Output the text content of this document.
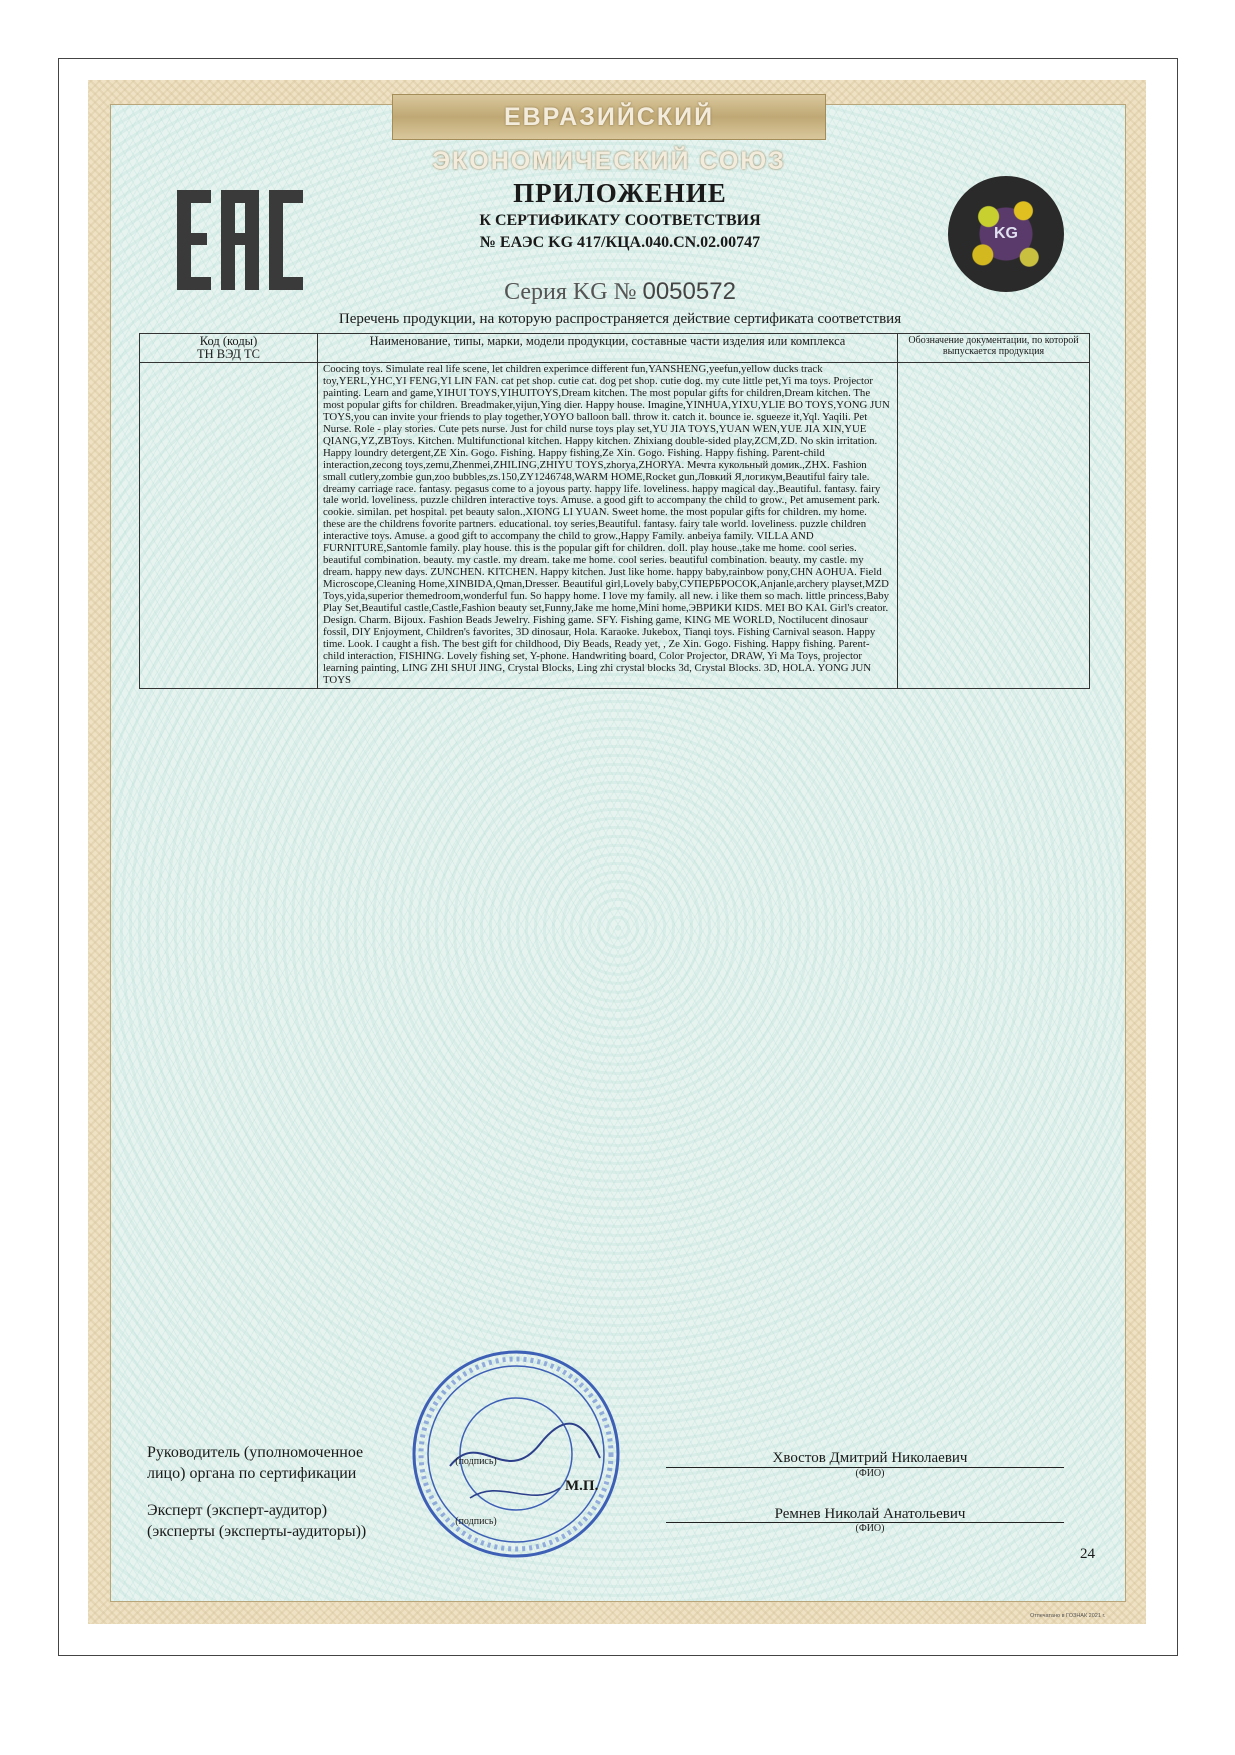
ЕВРАЗИЙСКИЙ ЭКОНОМИЧЕСКИЙ СОЮЗ
KG
ПРИЛОЖЕНИЕ
К СЕРТИФИКАТУ СООТВЕТСТВИЯ
№ ЕАЭС KG 417/КЦА.040.CN.02.00747
Серия KG № 0050572
Перечень продукции, на которую распространяется действие сертификата соответствия
Код (коды)
ТН ВЭД ТС	Наименование, типы, марки, модели продукции, составные части изделия или комплекса	Обозначение документации, по которой выпускается продукция
	Coocing toys. Simulate real life scene, let children experimce different fun,YANSHENG,yeefun,yellow ducks track toy,YERL,YHC,YI FENG,YI LIN FAN. cat pet shop. cutie cat. dog pet shop. cutie dog. my cute little pet,Yi ma toys. Projector painting. Learn and game,YIHUI TOYS,YIHUITOYS,Dream kitchen. The most popular gifts for children,Dream kitchen. The most popular gifts for children. Breadmaker,yijun,Ying dier. Happy house. Imagine,YINHUA,YIXU,YLIE BO TOYS,YONG JUN TOYS,you can invite your friends to play together,YOYO balloon ball. throw it. catch it. bounce ie. sgueeze it,Yql. Yaqili. Pet Nurse. Role - play stories. Cute pets nurse. Just for child nurse toys play set,YU JIA TOYS,YUAN WEN,YUE JIA XIN,YUE QIANG,YZ,ZBToys. Kitchen. Multifunctional kitchen. Happy kitchen. Zhixiang double-sided play,ZCM,ZD. No skin irritation. Happy loundry detergent,ZE Xin. Gogo. Fishing. Happy fishing,Ze Xin. Gogo. Fishing. Happy fishing. Parent-child interaction,zecong toys,zemu,Zhenmei,ZHILING,ZHIYU TOYS,zhorya,ZHORYA. Мечта кукольный домик.,ZHX. Fashion small cutlery,zombie gun,zoo bubbles,zs.150,ZY1246748,WARM HOME,Rocket gun,Ловкий Я,логикум,Beautiful fairy tale. dreamy carriage race. fantasy. pegasus come to a joyous party. happy life. loveliness. happy magical day.,Beautiful. fantasy. fairy tale world. loveliness. puzzle children interactive toys. Amuse. a good gift to accompany the child to grow., Pet amusement park. cookie. similan. pet hospital. pet beauty salon.,XIONG LI YUAN. Sweet home. the most popular gifts for children. my home. these are the childrens fovorite partners. educational. toy series,Beautiful. fantasy. fairy tale world. loveliness. puzzle children interactive toys. Amuse. a good gift to accompany the child to grow.,Happy Family. anbeiya family. VILLA AND FURNITURE,Santomle family. play house. this is the popular gift for children. doll. play house.,take me home. cool series. beautiful combination. beauty. my castle. my dream. take me home. cool series. beautiful combination. beauty. my castle. my dream. happy new days. ZUNCHEN. KITCHEN. Happy kitchen. Just like home. happy baby,rainbow pony,CHN AOHUA. Field Microscope,Cleaning Home,XINBIDA,Qman,Dresser. Beautiful girl,Lovely baby,СУПЕРБРОСОК,Anjanle,archery playset,MZD Toys,yida,superior themedroom,wonderful fun. So happy home. I love my family. all new. i like them so mach. little princess,Baby Play Set,Beautiful castle,Castle,Fashion beauty set,Funny,Jake me home,Mini home,ЭВРИКИ KIDS. MEI BO KAI. Girl's creator. Design. Charm. Bijoux. Fashion Beads Jewelry. Fishing game. SFY. Fishing game, KING ME WORLD, Noctilucent dinosaur fossil, DIY Enjoyment, Children's favorites, 3D dinosaur, Hola. Karaoke. Jukebox, Tianqi toys. Fishing Carnival season. Happy time. Look. I caught a fish. The best gift for childhood, Diy Beads, Ready yet, , Ze Xin. Gogo. Fishing. Happy fishing. Parent-child interaction, FISHING. Lovely fishing set, Y-phone. Handwriting board, Color Projector, DRAW, Yi Ma Toys, projector learning painting, LING ZHI SHUI JING, Crystal Blocks, Ling zhi crystal blocks 3d, Crystal Blocks. 3D, HOLA. YONG JUN TOYS	
Руководитель (уполномоченное
лицо) органа по сертификации
Эксперт (эксперт-аудитор)
(эксперты (эксперты-аудиторы))
(подпись)
М.П.
(подпись)
Хвостов Дмитрий Николаевич
(ФИО)
Ремнев Николай Анатольевич
(ФИО)
24
Отпечатано в ГОЗНАК 2021 г.
